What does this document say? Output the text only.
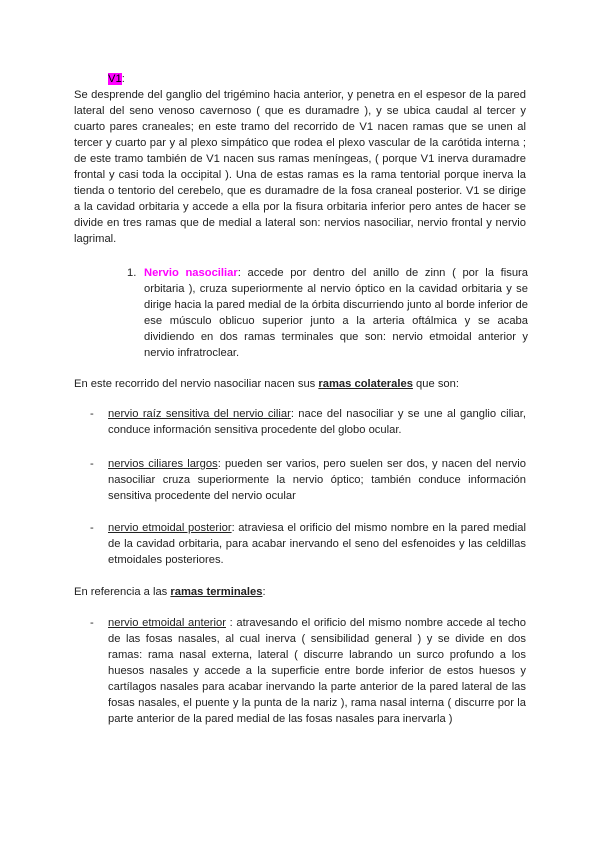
V1:

Se desprende del ganglio del trigémino hacia anterior, y penetra en el espesor de la pared lateral del seno venoso cavernoso ( que es duramadre ), y se ubica caudal al tercer y cuarto pares craneales; en este tramo del recorrido de V1 nacen ramas que se unen al tercer y cuarto par y al plexo simpático que rodea el plexo vascular de la carótida interna ; de este tramo también de V1 nacen sus ramas meníngeas, ( porque V1 inerva duramadre frontal y casi toda la occipital ). Una de estas ramas es la rama tentorial porque inerva la tienda o tentorio del cerebelo, que es duramadre de la fosa craneal posterior. V1 se dirige a la cavidad orbitaria y accede a ella por la fisura orbitaria inferior pero antes de hacer se divide en tres ramas que de medial a lateral son: nervios nasociliar, nervio frontal y nervio lagrimal.

1. Nervio nasociliar: accede por dentro del anillo de zinn ( por la fisura orbitaria ), cruza superiormente al nervio óptico en la cavidad orbitaria y se dirige hacia la pared medial de la órbita discurriendo junto al borde inferior de ese músculo oblicuo superior junto a la arteria oftálmica y se acaba dividiendo en dos ramas terminales que son: nervio etmoidal anterior y nervio infratroclear.

En este recorrido del nervio nasociliar nacen sus ramas colaterales que son:

- nervio raíz sensitiva del nervio ciliar: nace del nasociliar y se une al ganglio ciliar, conduce información sensitiva procedente del globo ocular.

- nervios ciliares largos: pueden ser varios, pero suelen ser dos, y nacen del nervio nasociliar cruza superiormente la nervio óptico; también conduce información sensitiva procedente del nervio ocular

- nervio etmoidal posterior: atraviesa el orificio del mismo nombre en la pared medial de la cavidad orbitaria, para acabar inervando el seno del esfenoides y las celdillas etmoidales posteriores.

En referencia a las ramas terminales:

- nervio etmoidal anterior : atravesando el orificio del mismo nombre accede al techo de las fosas nasales, al cual inerva ( sensibilidad general ) y se divide en dos ramas: rama nasal externa, lateral ( discurre labrando un surco profundo a los huesos nasales y accede a la superficie entre borde inferior de estos huesos y cartílagos nasales para acabar inervando la parte anterior de la pared lateral de las fosas nasales, el puente y la punta de la nariz ), rama nasal interna ( discurre por la parte anterior de la pared medial de las fosas nasales para inervarla )
